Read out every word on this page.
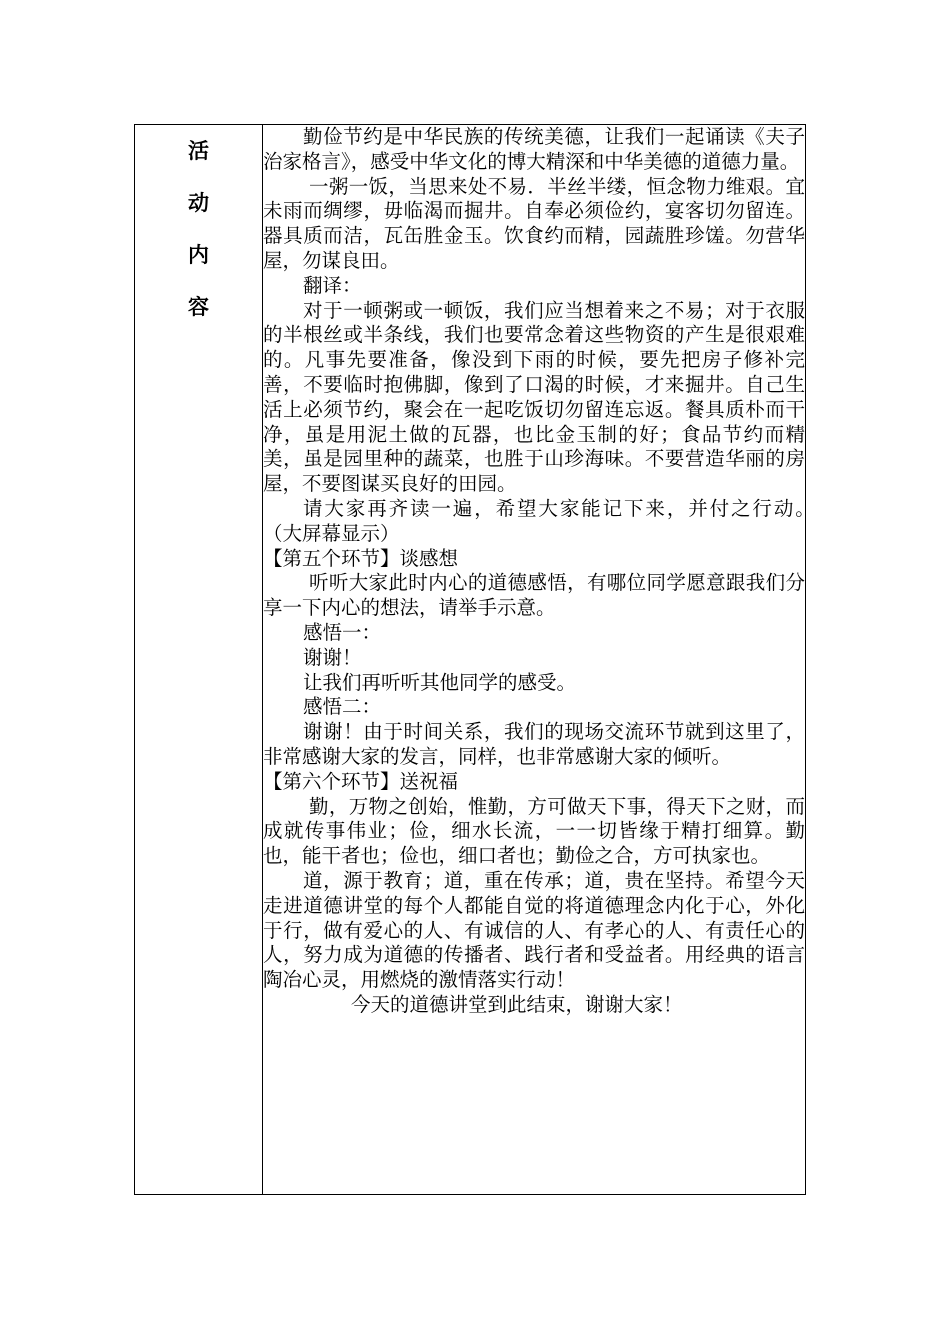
活
动
内
容

勤俭节约是中华民族的传统美德，让我们一起诵读《夫子治家格言》，感受中华文化的博大精深和中华美德的道德力量。

一粥一饭，当思来处不易．半丝半缕，恒念物力维艰。宜未雨而绸缪，毋临渴而掘井。自奉必须俭约，宴客切勿留连。器具质而洁，瓦缶胜金玉。饮食约而精，园蔬胜珍馐。勿营华屋，勿谋良田。

翻译：

对于一顿粥或一顿饭，我们应当想着来之不易；对于衣服的半根丝或半条线，我们也要常念着这些物资的产生是很艰难的。凡事先要准备，像没到下雨的时候，要先把房子修补完善，不要临时抱佛脚，像到了口渴的时候，才来掘井。自己生活上必须节约，聚会在一起吃饭切勿留连忘返。餐具质朴而干净，虽是用泥土做的瓦器，也比金玉制的好；食品节约而精美，虽是园里种的蔬菜，也胜于山珍海味。不要营造华丽的房屋，不要图谋买良好的田园。

请大家再齐读一遍，希望大家能记下来，并付之行动。　　（大屏幕显示）

【第五个环节】谈感想

听听大家此时内心的道德感悟，有哪位同学愿意跟我们分享一下内心的想法，请举手示意。

感悟一：

谢谢！

让我们再听听其他同学的感受。

感悟二：

谢谢！由于时间关系，我们的现场交流环节就到这里了，非常感谢大家的发言，同样，也非常感谢大家的倾听。

【第六个环节】送祝福

勤，万物之创始，惟勤，方可做天下事，得天下之财，而成就传事伟业；俭，细水长流，一一切皆缘于精打细算。勤也，能干者也；俭也，细口者也；勤俭之合，方可执家也。

道，源于教育；道，重在传承；道，贵在坚持。希望今天走进道德讲堂的每个人都能自觉的将道德理念内化于心，外化于行，做有爱心的人、有诚信的人、有孝心的人、有责任心的人，努力成为道德的传播者、践行者和受益者。用经典的语言陶冶心灵，用燃烧的激情落实行动！

今天的道德讲堂到此结束，谢谢大家！
